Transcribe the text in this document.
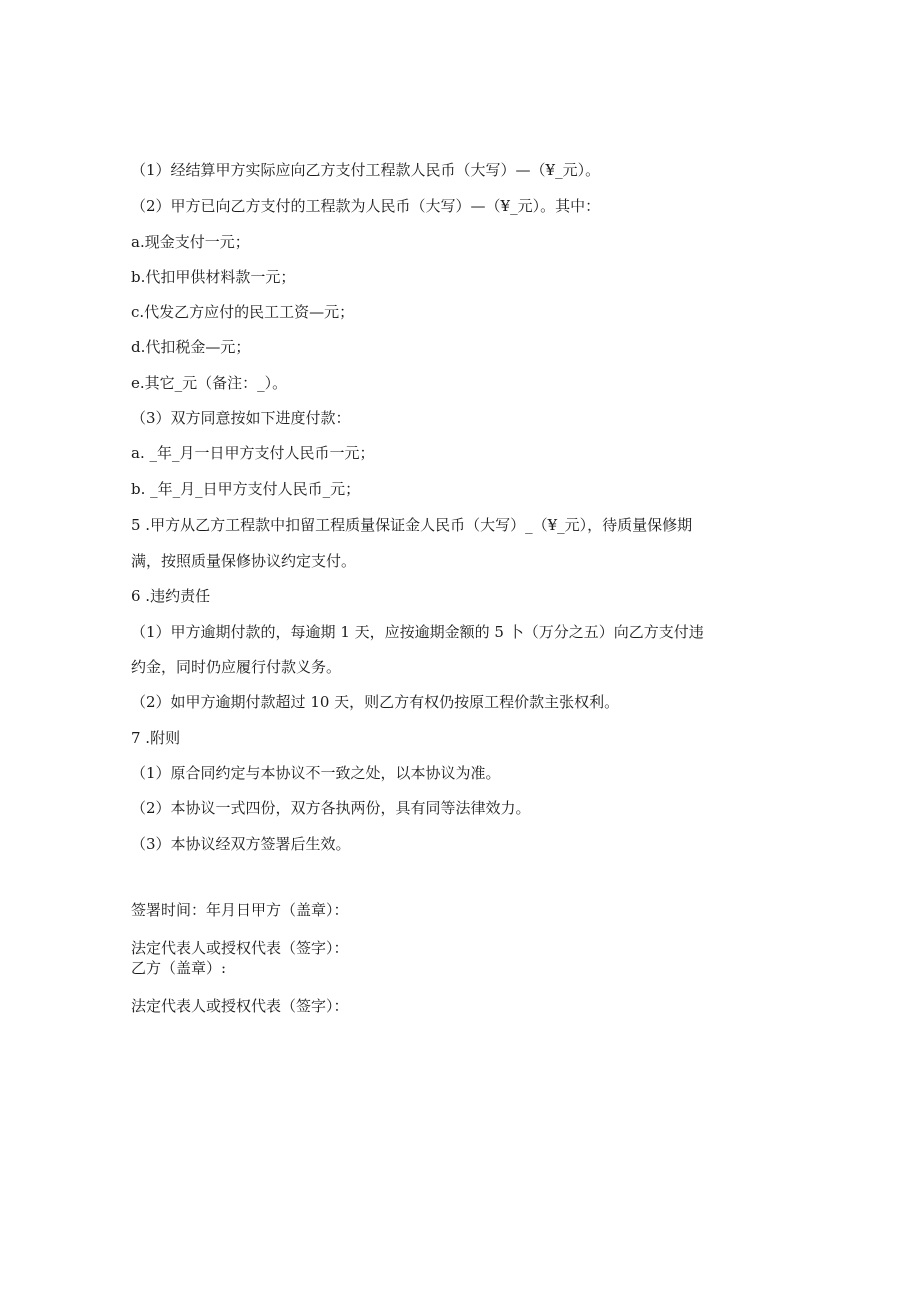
（1）经结算甲方实际应向乙方支付工程款人民币（大写）—（¥_元）。
（2）甲方已向乙方支付的工程款为人民币（大写）—（¥_元）。其中：
a.现金支付一元；
b.代扣甲供材料款一元；
c.代发乙方应付的民工工资—元；
d.代扣税金—元；
e.其它_元（备注：_）。
（3）双方同意按如下进度付款：
a. _年_月一日甲方支付人民币一元；
b. _年_月_日甲方支付人民币_元；
5 .甲方从乙方工程款中扣留工程质量保证金人民币（大写）_（¥_元），待质量保修期
满，按照质量保修协议约定支付。
6 .违约责任
（1）甲方逾期付款的，每逾期 1 天，应按逾期金额的 5 卜（万分之五）向乙方支付违
约金，同时仍应履行付款义务。
（2）如甲方逾期付款超过 10 天，则乙方有权仍按原工程价款主张权利。
7 .附则
（1）原合同约定与本协议不一致之处，以本协议为准。
（2）本协议一式四份，双方各执两份，具有同等法律效力。
（3）本协议经双方签署后生效。
签署时间：年月日甲方（盖章）：
法定代表人或授权代表（签字）：
乙方（盖章）:
法定代表人或授权代表（签字）：
